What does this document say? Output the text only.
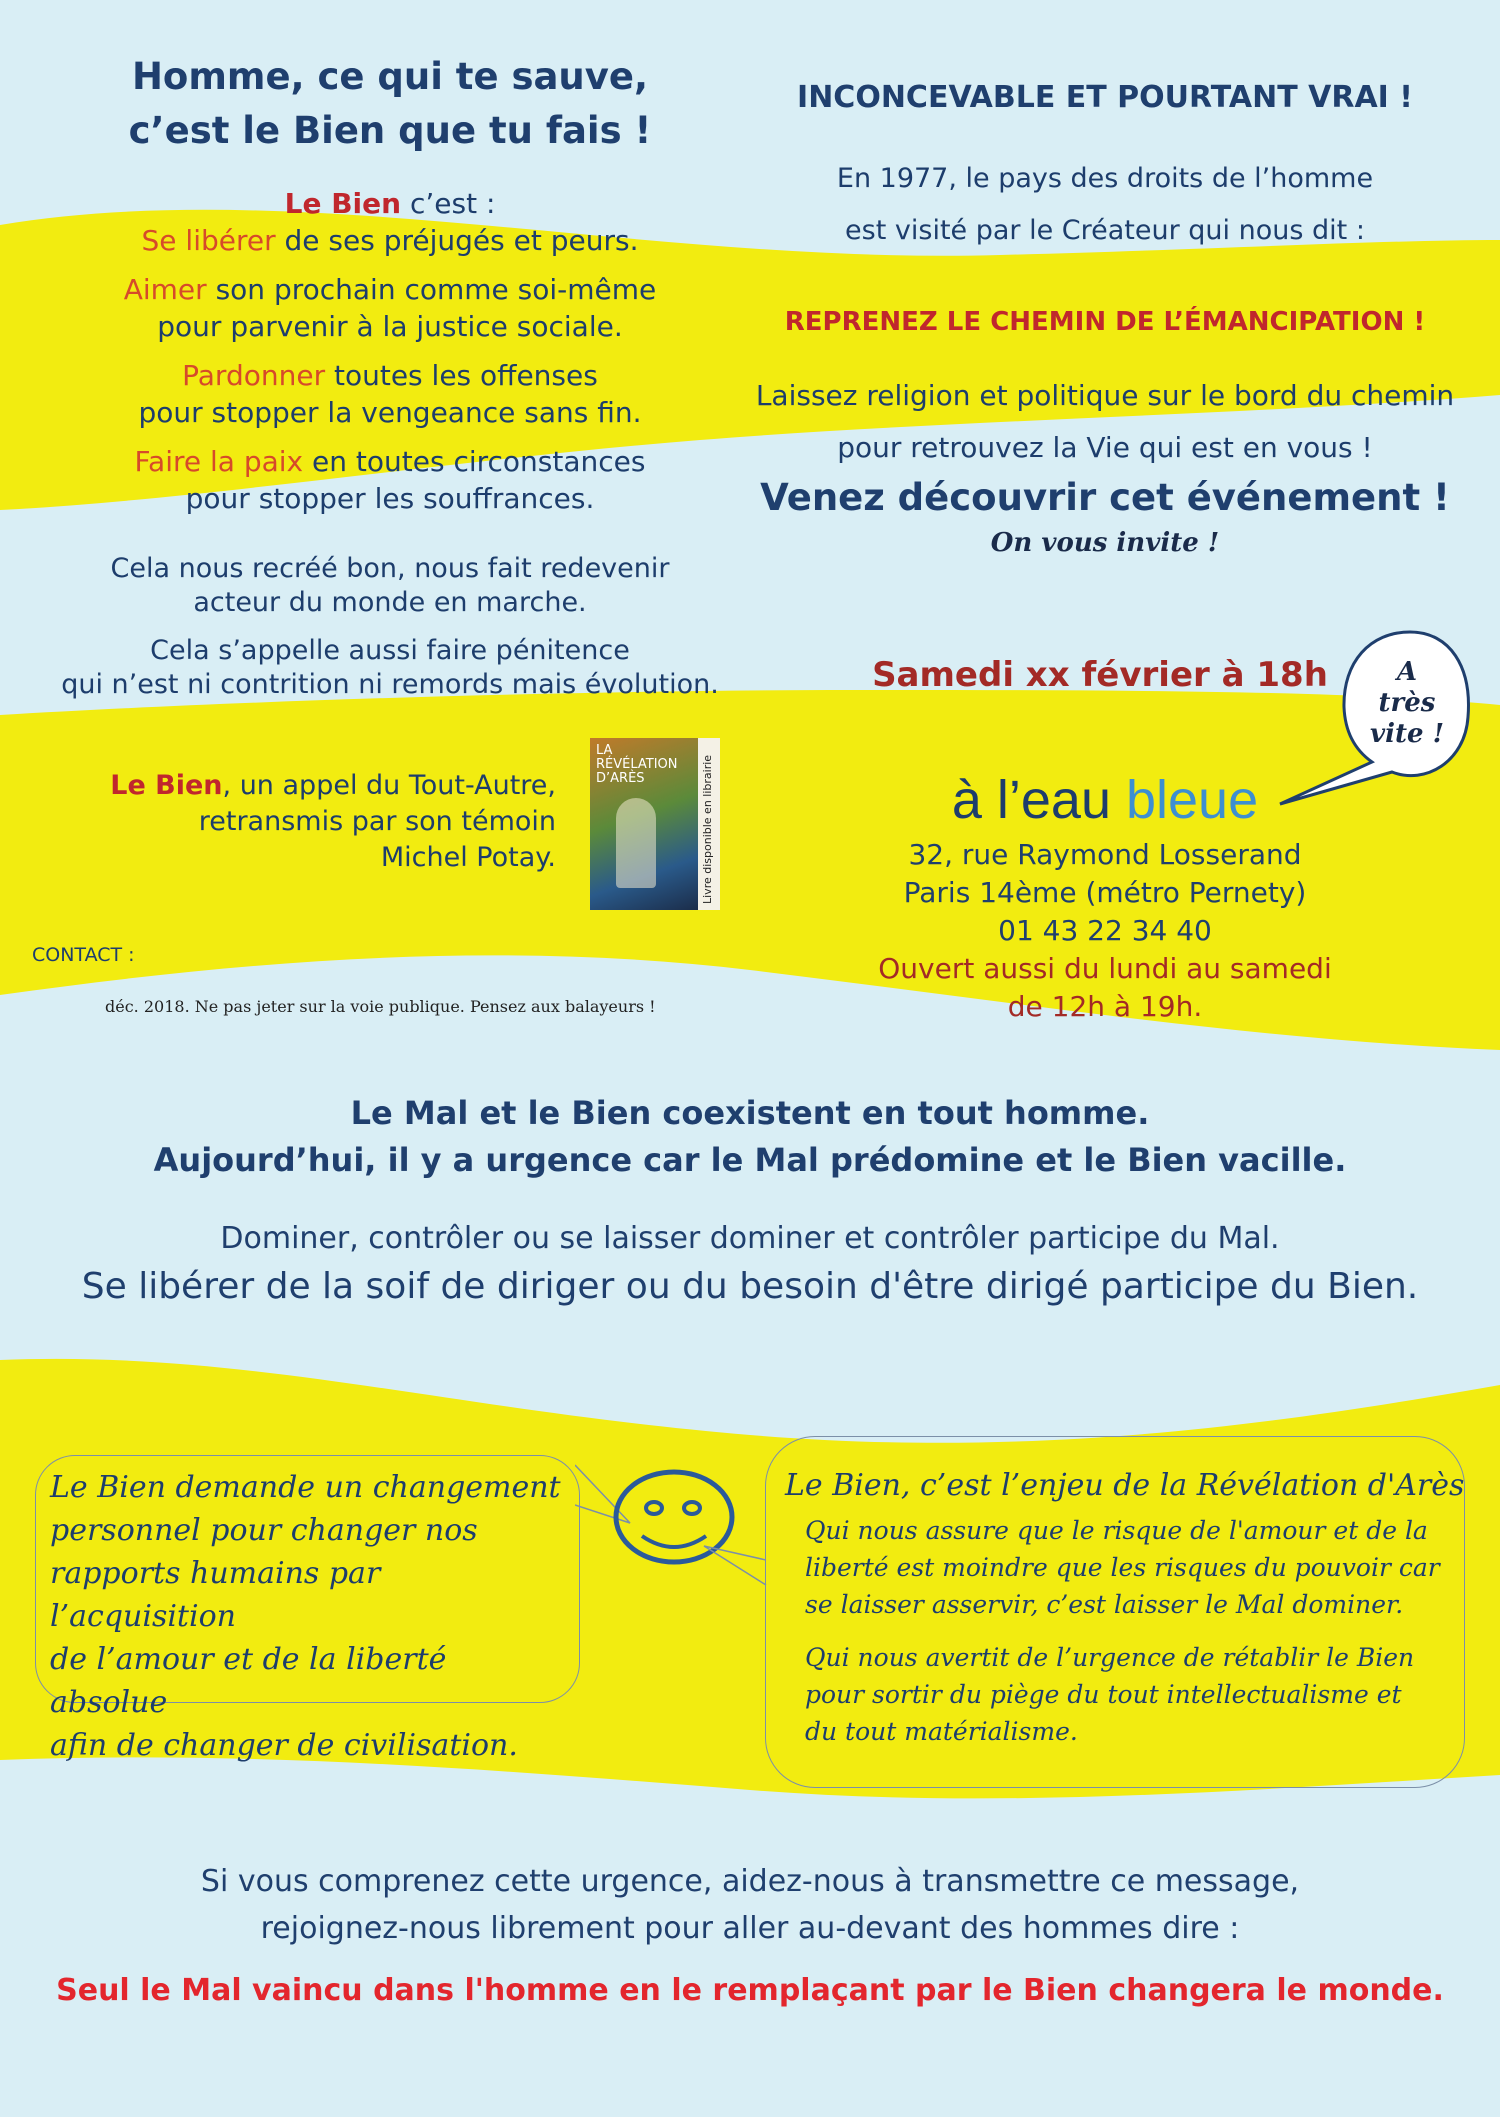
Homme, ce qui te sauve,

c’est le Bien que tu fais !

Le Bien c’est :

Se libérer de ses préjugés et peurs.

Aimer son prochain comme soi-même

pour parvenir à la justice sociale.

Pardonner toutes les offenses

pour stopper la vengeance sans fin.

Faire la paix en toutes circonstances

pour stopper les souffrances.

Cela nous recréé bon, nous fait redevenir

acteur du monde en marche.

Cela s’appelle aussi faire pénitence

qui n’est ni contrition ni remords mais évolution.

Le Bien, un appel du Tout-Autre,

retransmis par son témoin

Michel Potay.

LA
RÉVÉLATION
D’ARÈS	Livre disponible en librairie
CONTACT :
déc. 2018. Ne pas jeter sur la voie publique. Pensez aux balayeurs !
INCONCEVABLE ET POURTANT VRAI !

En 1977, le pays des droits de l’homme

est visité par le Créateur qui nous dit :

REPRENEZ LE CHEMIN DE L’ÉMANCIPATION !

Laissez religion et politique sur le bord du chemin

pour retrouvez la Vie qui est en vous !

Venez découvrir cet événement !
On vous invite !
Samedi xx février à 18h	A

très

vite !

à l’eau bleue

32, rue Raymond Losserand

Paris 14ème (métro Pernety)

01 43 22 34 40

Ouvert aussi du lundi au samedi

de 12h à 19h.

Le Mal et le Bien coexistent en tout homme.

Aujourd’hui, il y a urgence car le Mal prédomine et le Bien vacille.

Dominer, contrôler ou se laisser dominer et contrôler participe du Mal.

Se libérer de la soif de diriger ou du besoin d'être dirigé participe du Bien.

Le Bien demande un changement

personnel pour changer nos

rapports humains par l’acquisition

de l’amour et de la liberté absolue

afin de changer de civilisation.

Le Bien, c’est l’enjeu de la Révélation d'Arès

Qui nous assure que le risque de l'amour et de la

liberté est moindre que les risques du pouvoir car

se laisser asservir, c’est laisser le Mal dominer.

Qui nous avertit de l’urgence de rétablir le Bien

pour sortir du piège du tout intellectualisme et

du tout matérialisme.

Si vous comprenez cette urgence, aidez-nous à transmettre ce message,

rejoignez-nous librement pour aller au-devant des hommes dire :

Seul le Mal vaincu dans l'homme en le remplaçant par le Bien changera le monde.
